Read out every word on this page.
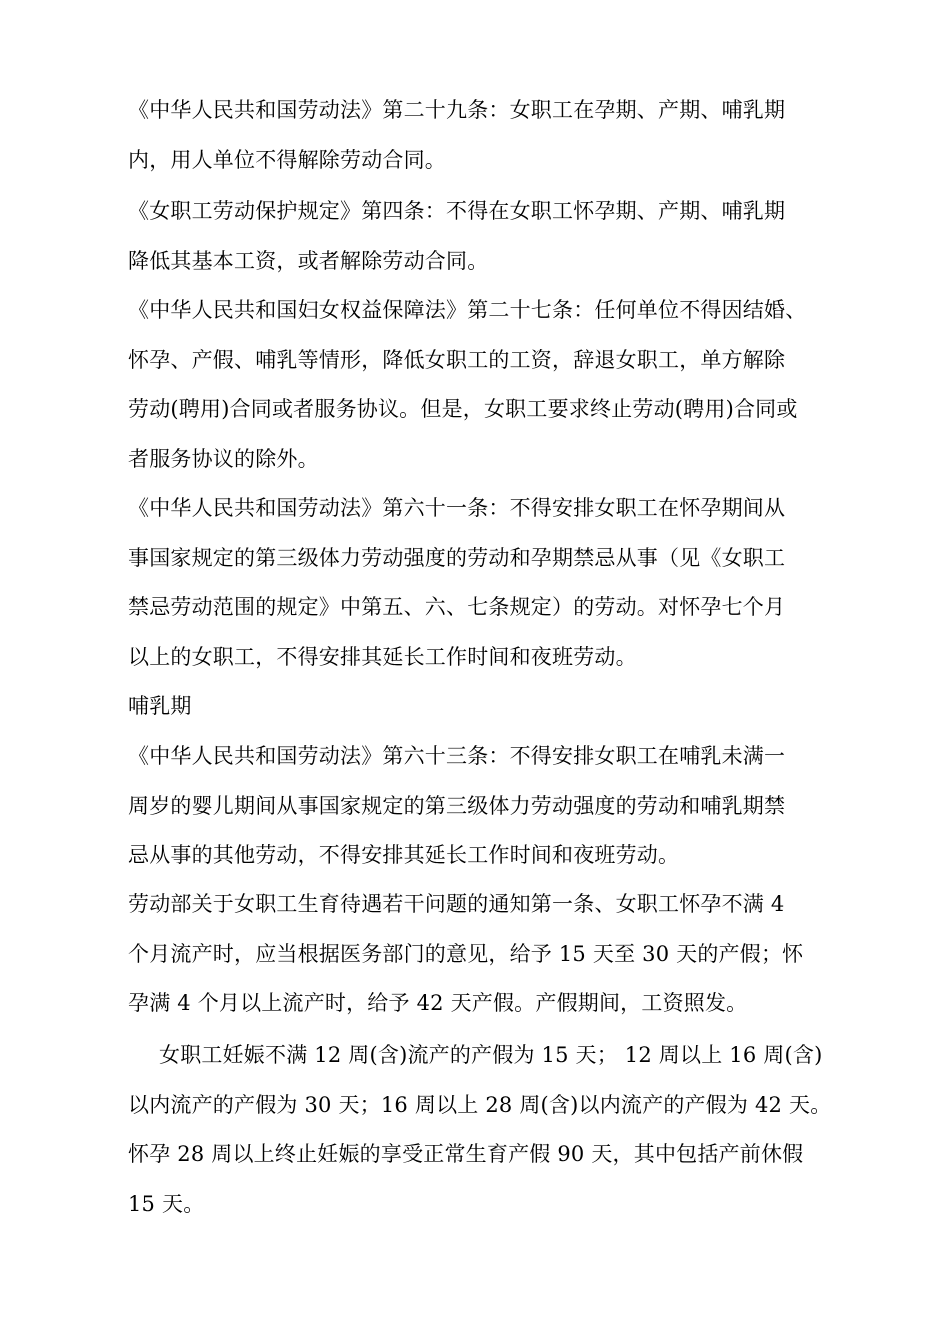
《中华人民共和国劳动法》第二十九条：女职工在孕期、产期、哺乳期
内，用人单位不得解除劳动合同。
《女职工劳动保护规定》第四条：不得在女职工怀孕期、产期、哺乳期
降低其基本工资，或者解除劳动合同。
《中华人民共和国妇女权益保障法》第二十七条：任何单位不得因结婚、
怀孕、产假、哺乳等情形，降低女职工的工资，辞退女职工，单方解除
劳动(聘用)合同或者服务协议。但是，女职工要求终止劳动(聘用)合同或
者服务协议的除外。
《中华人民共和国劳动法》第六十一条：不得安排女职工在怀孕期间从
事国家规定的第三级体力劳动强度的劳动和孕期禁忌从事（见《女职工
禁忌劳动范围的规定》中第五、六、七条规定）的劳动。对怀孕七个月
以上的女职工，不得安排其延长工作时间和夜班劳动。
哺乳期
《中华人民共和国劳动法》第六十三条：不得安排女职工在哺乳未满一
周岁的婴儿期间从事国家规定的第三级体力劳动强度的劳动和哺乳期禁
忌从事的其他劳动，不得安排其延长工作时间和夜班劳动。
劳动部关于女职工生育待遇若干问题的通知第一条、女职工怀孕不满 4
个月流产时，应当根据医务部门的意见，给予 15 天至 30 天的产假；怀
孕满 4 个月以上流产时，给予 42 天产假。产假期间，工资照发。
女职工妊娠不满 12 周(含)流产的产假为 15 天； 12 周以上 16 周(含)
以内流产的产假为 30 天；16 周以上 28 周(含)以内流产的产假为 42 天。
怀孕 28 周以上终止妊娠的享受正常生育产假 90 天，其中包括产前休假
15 天。
